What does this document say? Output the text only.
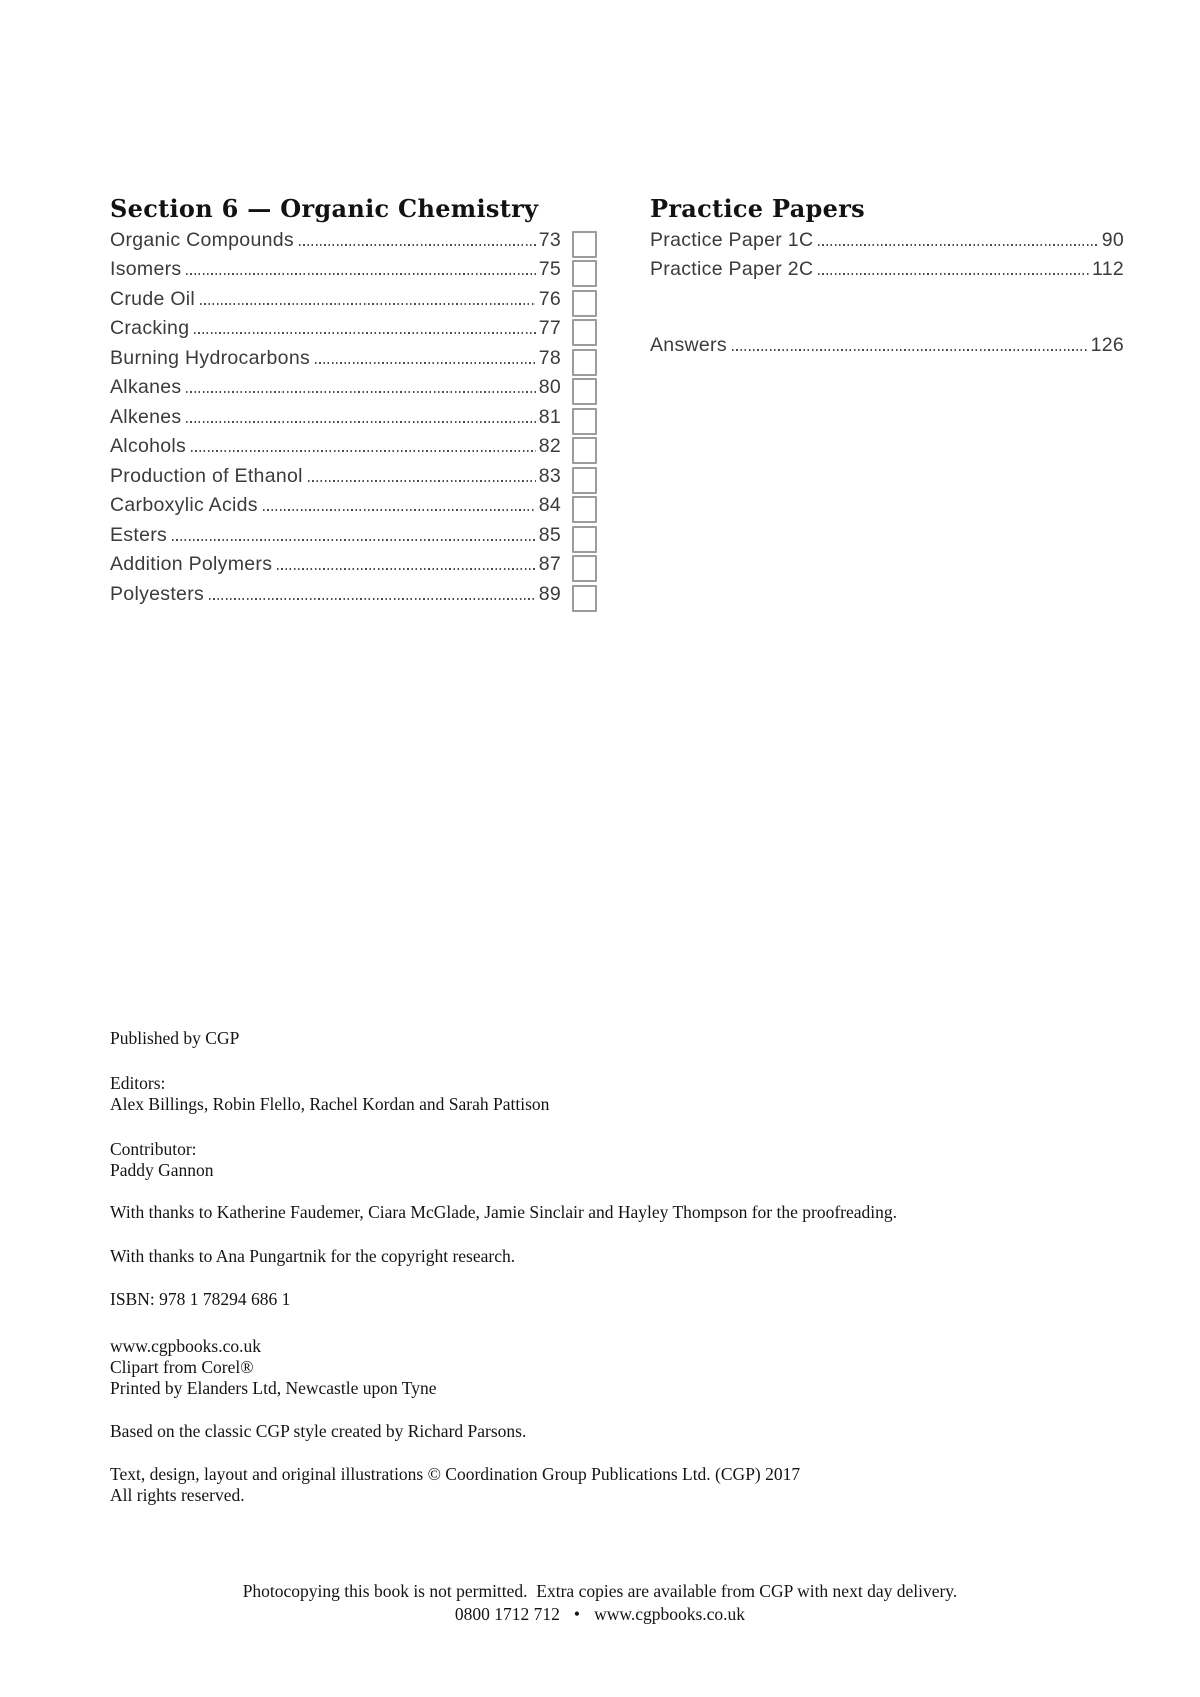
Section 6 — Organic Chemistry
Organic Compounds	73
Isomers	75
Crude Oil	76
Cracking	77
Burning Hydrocarbons	78
Alkanes	80
Alkenes	81
Alcohols	82
Production of Ethanol	83
Carboxylic Acids	84
Esters	85
Addition Polymers	87
Polyesters	89
Practice Papers
Practice Paper 1C	90
Practice Paper 2C	112
Answers	126

Published by CGP

Editors:
Alex Billings, Robin Flello, Rachel Kordan and Sarah Pattison

Contributor:
Paddy Gannon

With thanks to Katherine Faudemer, Ciara McGlade, Jamie Sinclair and Hayley Thompson for the proofreading.

With thanks to Ana Pungartnik for the copyright research.

ISBN: 978 1 78294 686 1

www.cgpbooks.co.uk
Clipart from Corel®
Printed by Elanders Ltd, Newcastle upon Tyne

Based on the classic CGP style created by Richard Parsons.

Text, design, layout and original illustrations © Coordination Group Publications Ltd. (CGP) 2017
All rights reserved.

Photocopying this book is not permitted.  Extra copies are available from CGP with next day delivery.
0800 1712 712 • www.cgpbooks.co.uk
